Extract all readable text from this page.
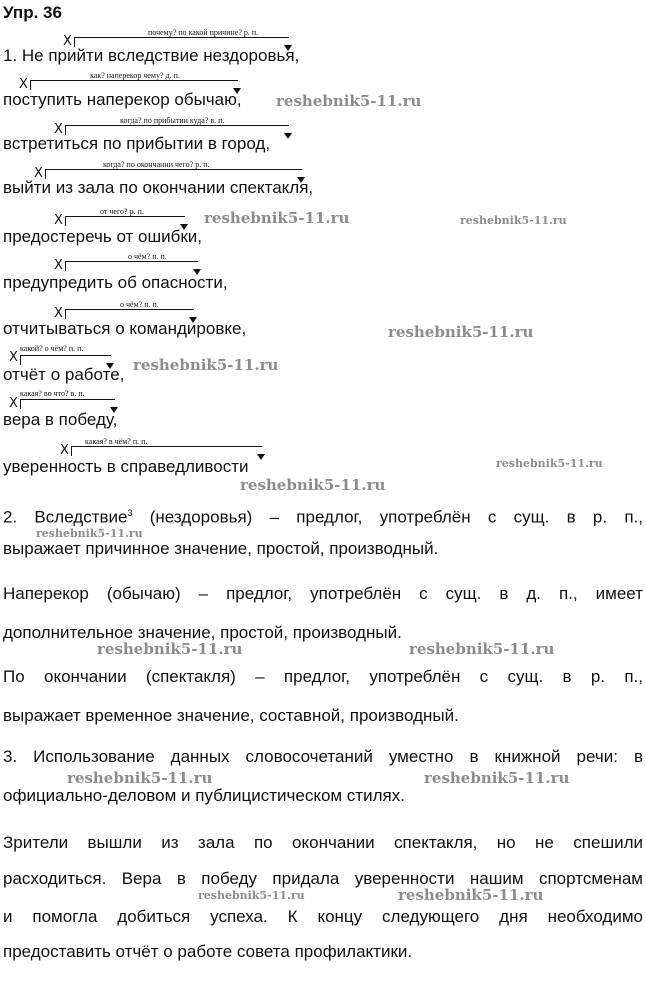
Упр. 36
почему? по какой причине? р. п.
X
1. Не прийти вследствие нездоровья,
как? наперекор чему? д. п.
X
поступить наперекор обычаю,
когда? по прибытии куда? в. п.
X
встретиться по прибытии в город,
когда? по окончании чего? р. п.
X
выйти из зала по окончании спектакля,
от чего? р. п.
X
предостеречь от ошибки,
о чём? п. п.
X
предупредить об опасности,
о чём? п. п.
X
отчитываться о командировке,
какой? о чём? п. п.
X
отчёт о работе,
какая? во что? в. п.
X
вера в победу,
какая? в чём? п. п.
X
уверенность в справедливости
2. Вследствие$^3$ (нездоровья) – предлог, употреблён с сущ. в р. п.,
выражает причинное значение, простой, производный.
Наперекор (обычаю) – предлог, употреблён с сущ. в д. п., имеет
дополнительное значение, простой, производный.
По окончании (спектакля) – предлог, употреблён с сущ. в р. п.,
выражает временное значение, составной, производный.
3. Использование данных словосочетаний уместно в книжной речи: в
официально-деловом и публицистическом стилях.
Зрители вышли из зала по окончании спектакля, но не спешили
расходиться. Вера в победу придала уверенности нашим спортсменам
и помогла добиться успеха. К концу следующего дня необходимо
предоставить отчёт о работе совета профилактики.
reshebnik5-11.ru
reshebnik5-11.ru	reshebnik5-11.ru
reshebnik5-11.ru
reshebnik5-11.ru
reshebnik5-11.ru
reshebnik5-11.ru
reshebnik5-11.ru
reshebnik5-11.ru	reshebnik5-11.ru
reshebnik5-11.ru	reshebnik5-11.ru
reshebnik5-11.ru	reshebnik5-11.ru
